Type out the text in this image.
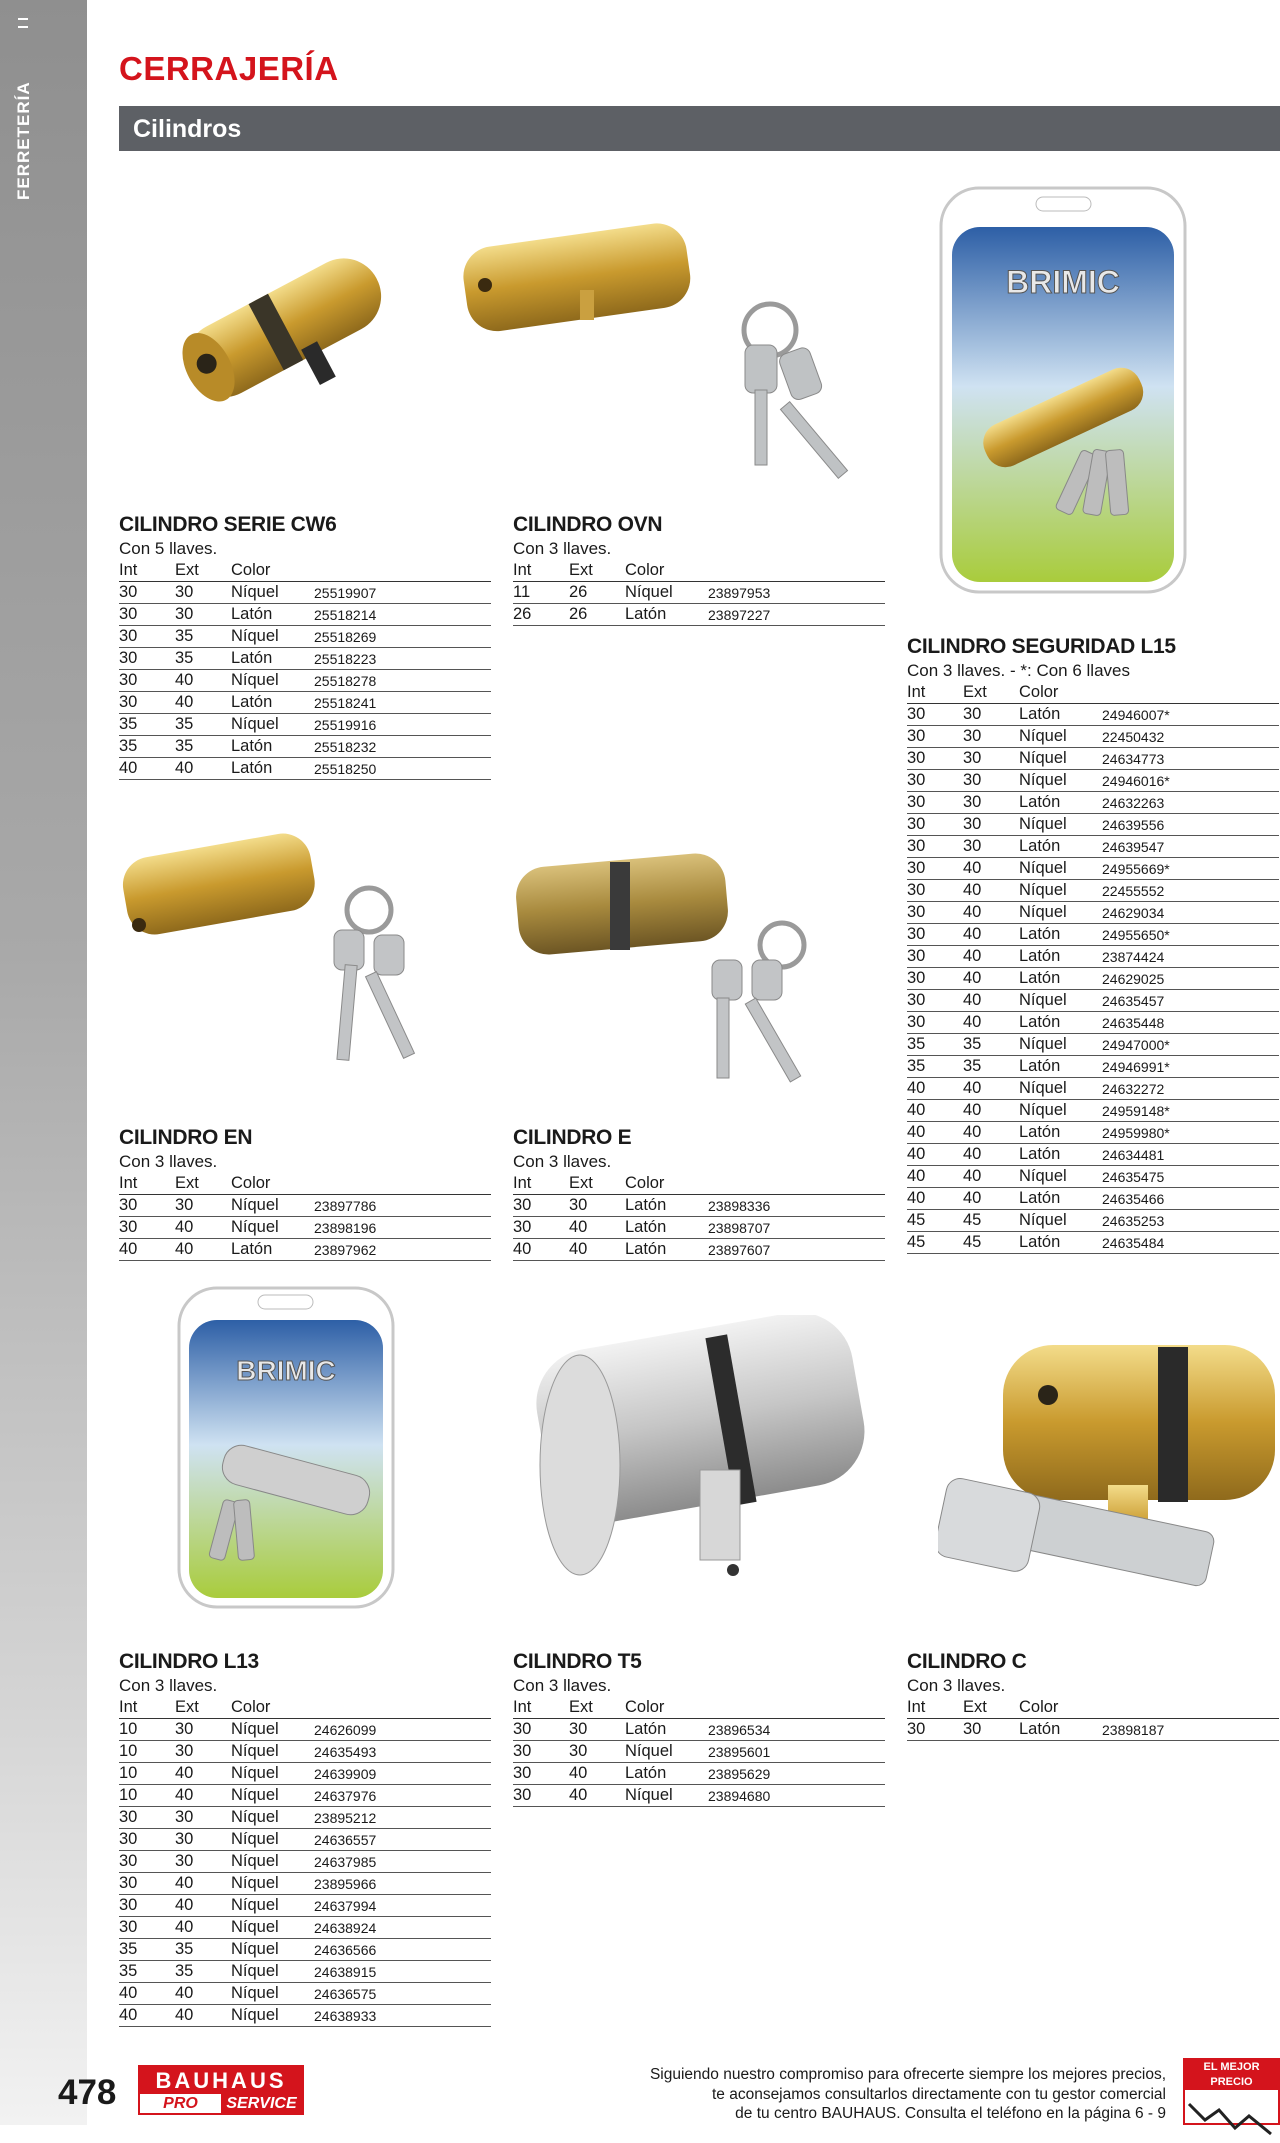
FERRETERÍA
CERRAJERÍA
Cilindros
BRIMIC
BRIMIC
CILINDRO SERIE CW6
Con 5 llaves.
Int	Ext	Color	
30	30	Níquel	25519907
30	30	Latón	25518214
30	35	Níquel	25518269
30	35	Latón	25518223
30	40	Níquel	25518278
30	40	Latón	25518241
35	35	Níquel	25519916
35	35	Latón	25518232
40	40	Latón	25518250
CILINDRO OVN
Con 3 llaves.
Int	Ext	Color	
11	26	Níquel	23897953
26	26	Latón	23897227
CILINDRO SEGURIDAD L15
Con 3 llaves. - *: Con 6 llaves
Int	Ext	Color	
30	30	Latón	24946007*
30	30	Níquel	22450432
30	30	Níquel	24634773
30	30	Níquel	24946016*
30	30	Latón	24632263
30	30	Níquel	24639556
30	30	Latón	24639547
30	40	Níquel	24955669*
30	40	Níquel	22455552
30	40	Níquel	24629034
30	40	Latón	24955650*
30	40	Latón	23874424
30	40	Latón	24629025
30	40	Níquel	24635457
30	40	Latón	24635448
35	35	Níquel	24947000*
35	35	Latón	24946991*
40	40	Níquel	24632272
40	40	Níquel	24959148*
40	40	Latón	24959980*
40	40	Latón	24634481
40	40	Níquel	24635475
40	40	Latón	24635466
45	45	Níquel	24635253
45	45	Latón	24635484
CILINDRO EN
Con 3 llaves.
Int	Ext	Color	
30	30	Níquel	23897786
30	40	Níquel	23898196
40	40	Latón	23897962
CILINDRO E
Con 3 llaves.
Int	Ext	Color	
30	30	Latón	23898336
30	40	Latón	23898707
40	40	Latón	23897607
CILINDRO L13
Con 3 llaves.
Int	Ext	Color	
10	30	Níquel	24626099
10	30	Níquel	24635493
10	40	Níquel	24639909
10	40	Níquel	24637976
30	30	Níquel	23895212
30	30	Níquel	24636557
30	30	Níquel	24637985
30	40	Níquel	23895966
30	40	Níquel	24637994
30	40	Níquel	24638924
35	35	Níquel	24636566
35	35	Níquel	24638915
40	40	Níquel	24636575
40	40	Níquel	24638933
CILINDRO T5
Con 3 llaves.
Int	Ext	Color	
30	30	Latón	23896534
30	30	Níquel	23895601
30	40	Latón	23895629
30	40	Níquel	23894680
CILINDRO C
Con 3 llaves.
Int	Ext	Color	
30	30	Latón	23898187
478	BAUHAUS
PRO	SERVICE
Siguiendo nuestro compromiso para ofrecerte siempre los mejores precios,
te aconsejamos consultarlos directamente con tu gestor comercial
de tu centro BAUHAUS. Consulta el teléfono en la página 6 - 9
EL MEJOR PRECIO
